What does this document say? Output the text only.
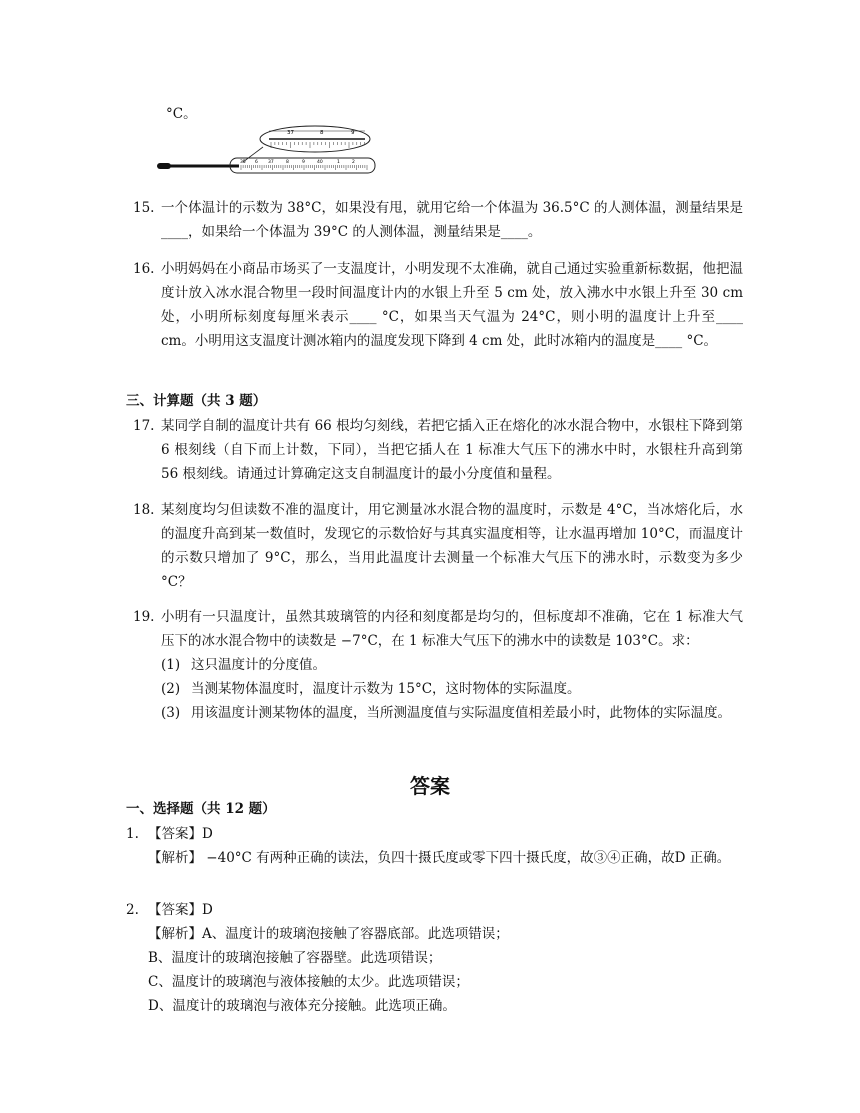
°C。
37	8	9
35 6 37	8	9	40	1	2
15. 一个体温计的示数为 38°C，如果没有甩，就用它给一个体温为 36.5°C 的人测体温，测量结果是____，如果给一个体温为 39°C 的人测体温，测量结果是____。
16. 小明妈妈在小商品市场买了一支温度计，小明发现不太准确，就自己通过实验重新标数据，他把温度计放入冰水混合物里一段时间温度计内的水银上升至 5 cm 处，放入沸水中水银上升至 30 cm 处，小明所标刻度每厘米表示____ °C，如果当天气温为 24°C，则小明的温度计上升至____ cm。小明用这支温度计测冰箱内的温度发现下降到 4 cm 处，此时冰箱内的温度是____ °C。
三、计算题（共 3 题）
17. 某同学自制的温度计共有 66 根均匀刻线，若把它插入正在熔化的冰水混合物中，水银柱下降到第 6 根刻线（自下而上计数，下同），当把它插人在 1 标准大气压下的沸水中时，水银柱升高到第 56 根刻线。请通过计算确定这支自制温度计的最小分度值和量程。
18. 某刻度均匀但读数不准的温度计，用它测量冰水混合物的温度时，示数是 4°C，当冰熔化后，水的温度升高到某一数值时，发现它的示数恰好与其真实温度相等，让水温再增加 10°C，而温度计的示数只增加了 9°C，那么，当用此温度计去测量一个标准大气压下的沸水时，示数变为多少 °C？
19. 小明有一只温度计，虽然其玻璃管的内径和刻度都是均匀的，但标度却不准确，它在 1 标准大气压下的冰水混合物中的读数是 −7°C，在 1 标准大气压下的沸水中的读数是 103°C。求：
(1) 这只温度计的分度值。
(2) 当测某物体温度时，温度计示数为 15°C，这时物体的实际温度。
(3) 用该温度计测某物体的温度，当所测温度值与实际温度值相差最小时，此物体的实际温度。
答案
一、选择题（共 12 题）
1. 【答案】D
【解析】 −40°C 有两种正确的读法，负四十摄氏度或零下四十摄氏度，故③④正确，故D 正确。
2. 【答案】D
【解析】A、温度计的玻璃泡接触了容器底部。此选项错误；
B、温度计的玻璃泡接触了容器壁。此选项错误；
C、温度计的玻璃泡与液体接触的太少。此选项错误；
D、温度计的玻璃泡与液体充分接触。此选项正确。
